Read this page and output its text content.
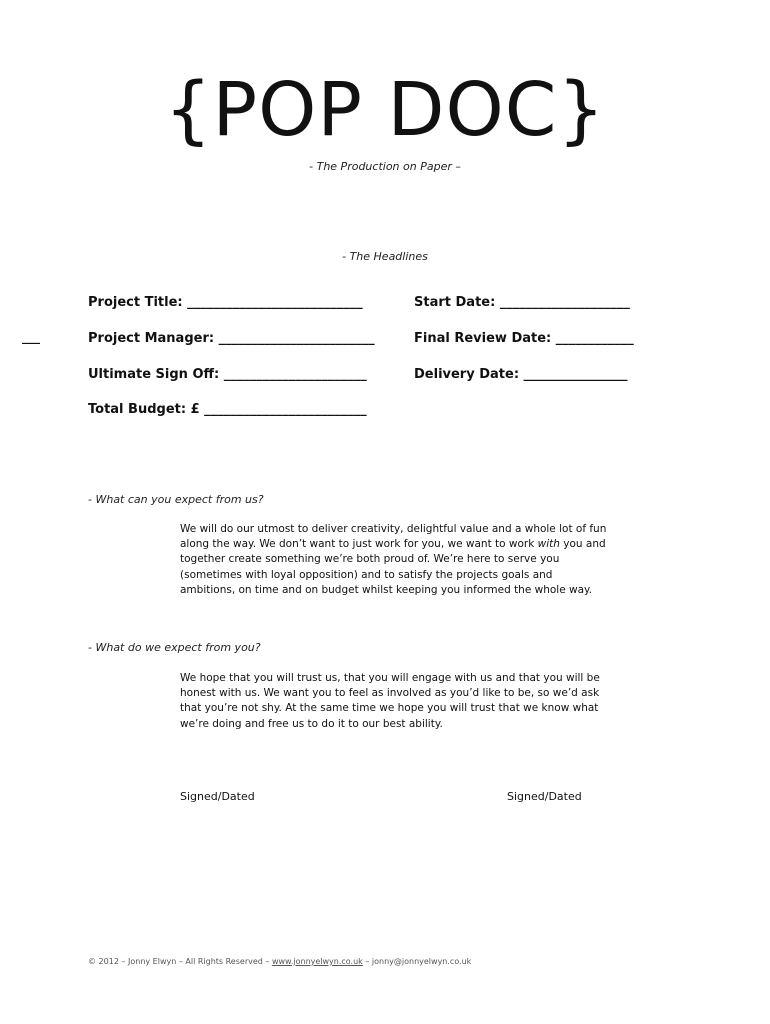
{POP DOC}
- The Production on Paper –
- The Headlines
Project Title: ___________________________	Start Date: ____________________
___	Project Manager: ________________________	Final Review Date: ____________
Ultimate Sign Off: ______________________	Delivery Date: ________________
Total Budget: £ _________________________
- What can you expect from us?
We will do our utmost to deliver creativity, delightful value and a whole lot of fun along the way. We don’t want to just work for you, we want to work with you and together create something we’re both proud of. We’re here to serve you (sometimes with loyal opposition) and to satisfy the projects goals and ambitions, on time and on budget whilst keeping you informed the whole way.
- What do we expect from you?
We hope that you will trust us, that you will engage with us and that you will be honest with us. We want you to feel as involved as you’d like to be, so we’d ask that you’re not shy. At the same time we hope you will trust that we know what we’re doing and free us to do it to our best ability.
Signed/Dated	Signed/Dated
© 2012 – Jonny Elwyn – All Rights Reserved – www.jonnyelwyn.co.uk – jonny@jonnyelwyn.co.uk
